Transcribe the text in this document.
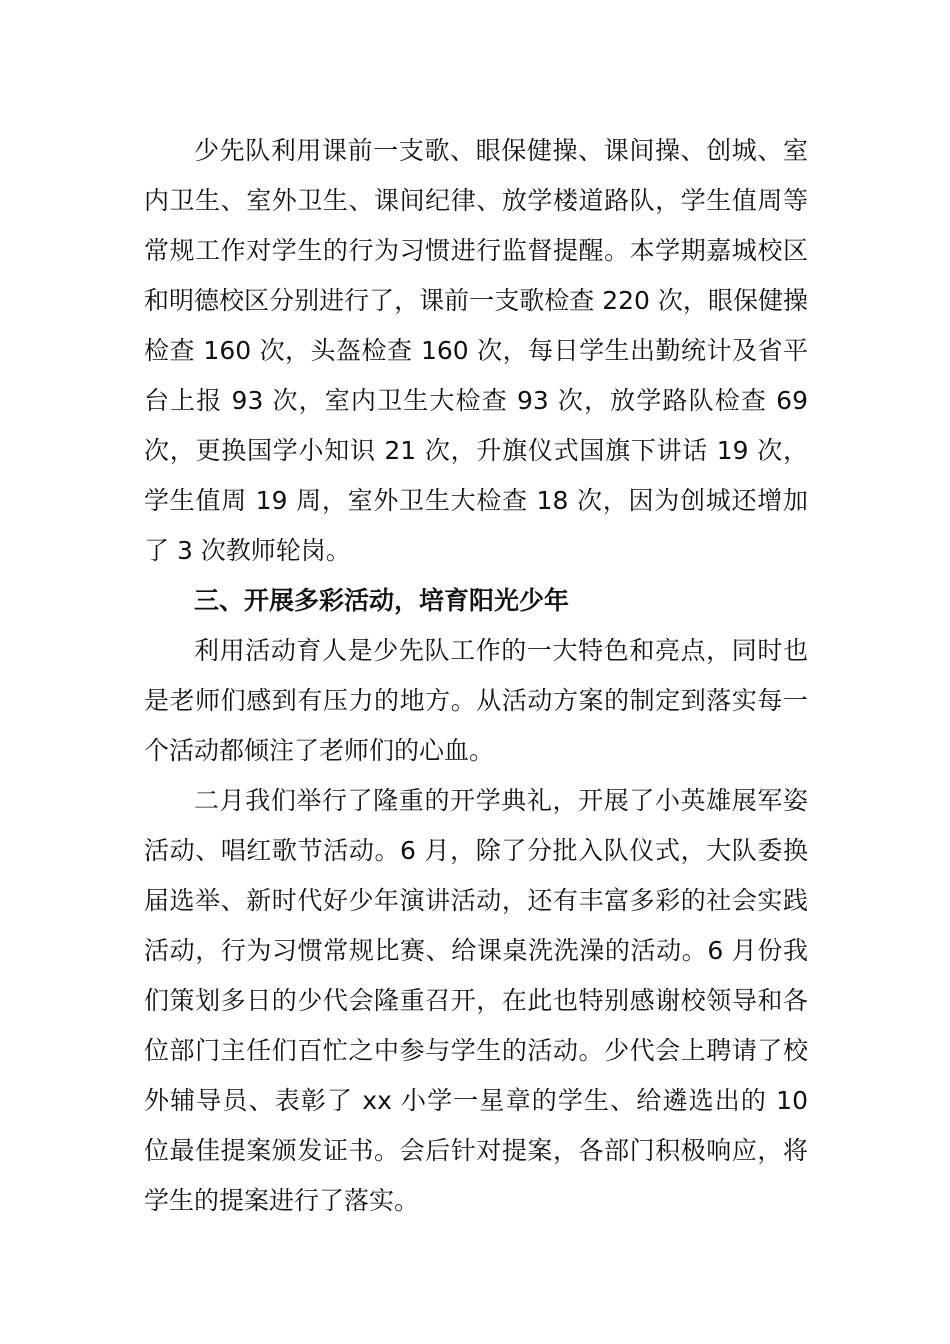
少先队利用课前一支歌、眼保健操、课间操、创城、室内卫生、室外卫生、课间纪律、放学楼道路队，学生值周等常规工作对学生的行为习惯进行监督提醒。本学期嘉城校区和明德校区分别进行了，课前一支歌检查 220 次，眼保健操检查 160 次，头盔检查 160 次，每日学生出勤统计及省平台上报 93 次，室内卫生大检查 93 次，放学路队检查 69 次，更换国学小知识 21 次，升旗仪式国旗下讲话 19 次，学生值周 19 周，室外卫生大检查 18 次，因为创城还增加了 3 次教师轮岗。

三、开展多彩活动，培育阳光少年

利用活动育人是少先队工作的一大特色和亮点，同时也是老师们感到有压力的地方。从活动方案的制定到落实每一个活动都倾注了老师们的心血。

二月我们举行了隆重的开学典礼，开展了小英雄展军姿活动、唱红歌节活动。6 月，除了分批入队仪式，大队委换届选举、新时代好少年演讲活动，还有丰富多彩的社会实践活动，行为习惯常规比赛、给课桌洗洗澡的活动。6 月份我们策划多日的少代会隆重召开，在此也特别感谢校领导和各位部门主任们百忙之中参与学生的活动。少代会上聘请了校外辅导员、表彰了 xx 小学一星章的学生、给遴选出的 10 位最佳提案颁发证书。会后针对提案，各部门积极响应，将学生的提案进行了落实。
